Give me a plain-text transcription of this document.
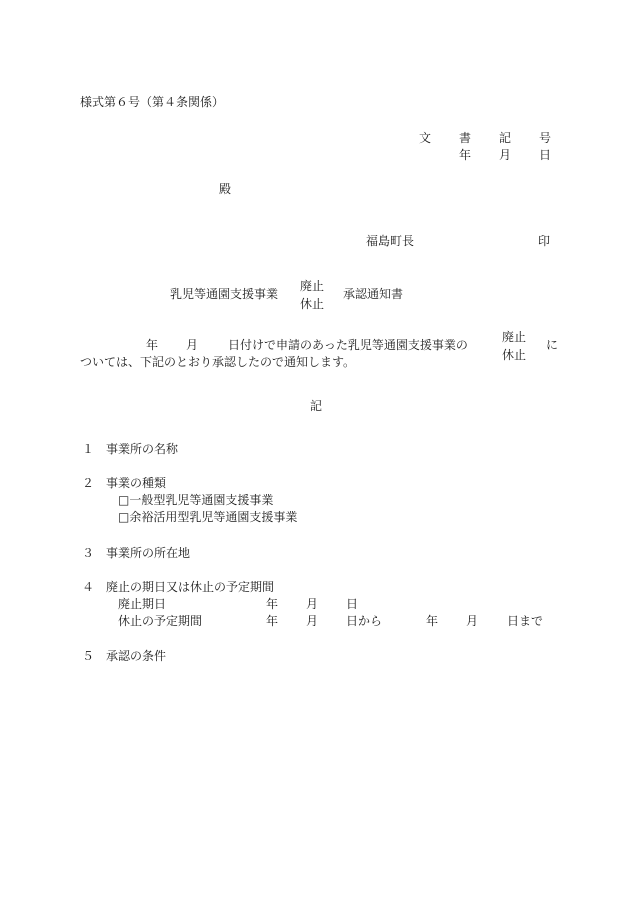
様式第６号（第４条関係）
文 書 記 号
年 月 日
殿
福島町長	印
乳児等通園支援事業
廃止
休止
承認通知書
年 月 日付けで申請のあった乳児等通園支援事業の
廃止
休止
に
ついては、下記のとおり承認したので通知します。
記
１ 事業所の名称
２ 事業の種類
□一般型乳児等通園支援事業
□余裕活用型乳児等通園支援事業
３ 事業所の所在地
４ 廃止の期日又は休止の予定期間
廃止期日	年 月 日
休止の予定期間	年 月 日から	年 月 日まで
５ 承認の条件
